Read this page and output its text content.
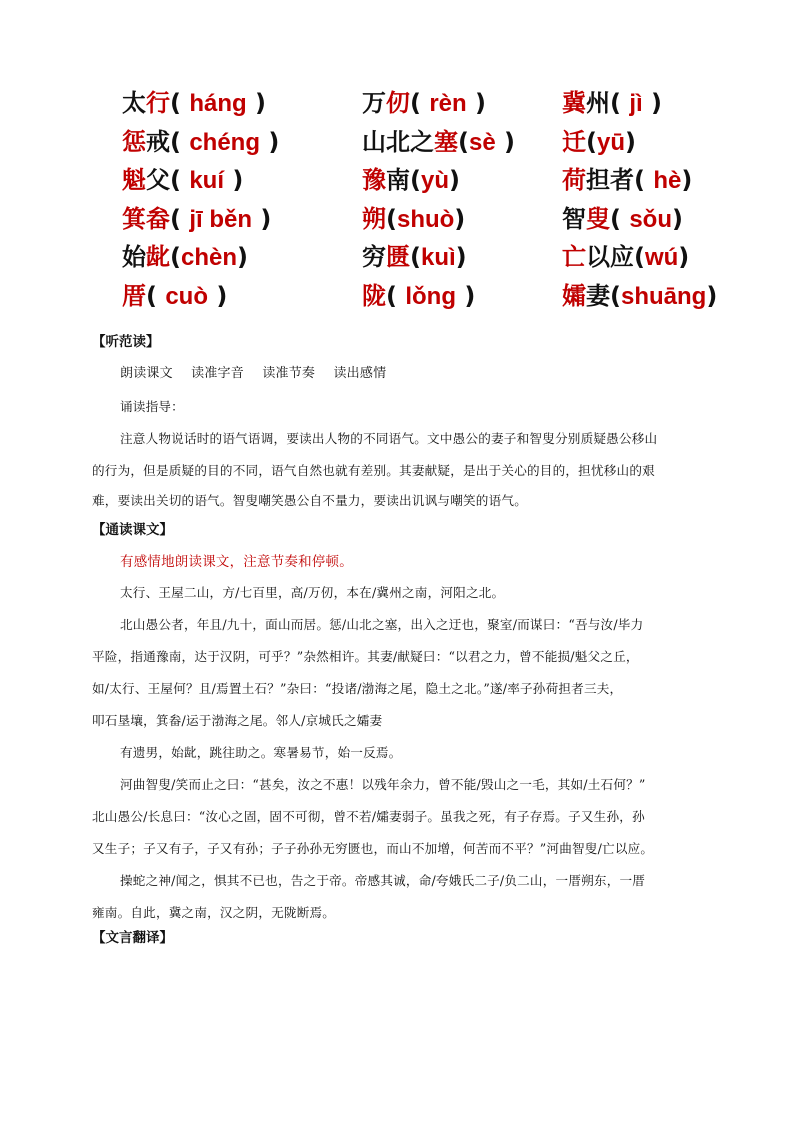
太行( háng )	万仞( rèn )	冀州( jì )
惩戒( chéng )	山北之塞(sè ) 迁(yū)
魁父( kuí )	豫南(yù)	荷担者( hè)
箕畚( jī běn )	朔(shuò)	智叟( sǒu)
始龀(chèn)	穷匮(kuì)	亡以应(wú)
厝( cuò )	陇( lǒng )	孀妻(shuāng)
【听范读】
朗读课文 读准字音 读准节奏 读出感情
诵读指导：
注意人物说话时的语气语调，要读出人物的不同语气。文中愚公的妻子和智叟分别质疑愚公移山
的行为，但是质疑的目的不同，语气自然也就有差别。其妻献疑，是出于关心的目的，担忧移山的艰
难，要读出关切的语气。智叟嘲笑愚公自不量力，要读出讥讽与嘲笑的语气。
【通读课文】
有感情地朗读课文，注意节奏和停顿。
太行、王屋二山，方/七百里，高/万仞，本在/冀州之南，河阳之北。
北山愚公者，年且/九十，面山而居。惩/山北之塞，出入之迂也，聚室/而谋曰：“吾与汝/毕力
平险，指通豫南，达于汉阴，可乎？”杂然相许。其妻/献疑曰：“以君之力，曾不能损/魁父之丘，
如/太行、王屋何？且/焉置土石？”杂曰：“投诸/渤海之尾，隐土之北。”遂/率子孙荷担者三夫，
叩石垦壤，箕畚/运于渤海之尾。邻人/京城氏之孀妻
有遗男，始龀，跳往助之。寒暑易节，始一反焉。
河曲智叟/笑而止之曰：“甚矣，汝之不惠！以残年余力，曾不能/毁山之一毛，其如/土石何？”
北山愚公/长息曰：“汝心之固，固不可彻，曾不若/孀妻弱子。虽我之死，有子存焉。子又生孙，孙
又生子；子又有子，子又有孙；子子孙孙无穷匮也，而山不加增，何苦而不平？”河曲智叟/亡以应。
操蛇之神/闻之，惧其不已也，告之于帝。帝感其诚，命/夸娥氏二子/负二山，一厝朔东，一厝
雍南。自此，冀之南，汉之阴，无陇断焉。
【文言翻译】
